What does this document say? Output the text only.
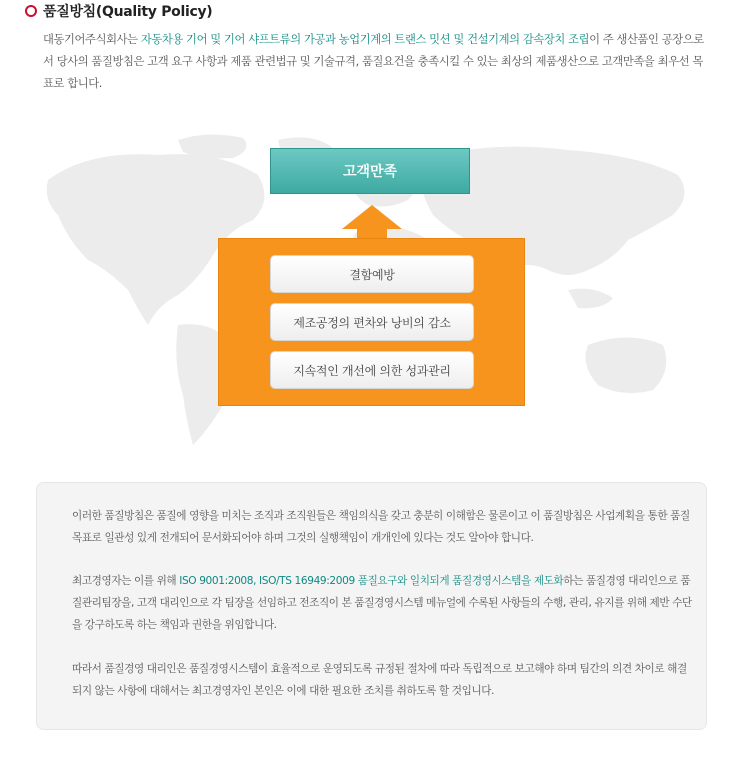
품질방침(Quality Policy)
대동기어주식회사는 자동차용 기어 및 기어 샤프트류의 가공과 농업기계의 트랜스 밋션 및 건설기계의 감속장치 조립이 주 생산품인 공장으로서 당사의 품질방침은 고객 요구 사항과 제품 관련법규 및 기술규격, 품질요건을 충족시킬 수 있는 최상의 제품생산으로 고객만족을 최우선 목표로 합니다.
고객만족
결함예방
제조공정의 편차와 낭비의 감소
지속적인 개선에 의한 성과관리
이러한 품질방침은 품질에 영향을 미치는 조직과 조직원들은 책임의식을 갖고 충분히 이해함은 물론이고 이 품질방침은 사업계획을 통한 품질목표로 일관성 있게 전개되어 문서화되어야 하며 그것의 실행책임이 개개인에 있다는 것도 알아야 합니다.
최고경영자는 이를 위해 ISO 9001:2008, ISO/TS 16949:2009 품질요구와 일치되게 품질경영시스템을 제도화하는 품질경영 대리인으로 품질관리팀장을, 고객 대리인으로 각 팀장을 선임하고 전조직이 본 품질경영시스템 메뉴얼에 수록된 사항들의 수행, 관리, 유지를 위해 제반 수단을 강구하도록 하는 책임과 권한을 위임합니다.
따라서 품질경영 대리인은 품질경영시스템이 효율적으로 운영되도록 규정된 절차에 따라 독립적으로 보고해야 하며 팀간의 의견 차이로 해결되지 않는 사항에 대해서는 최고경영자인 본인은 이에 대한 필요한 조치를 취하도록 할 것입니다.
